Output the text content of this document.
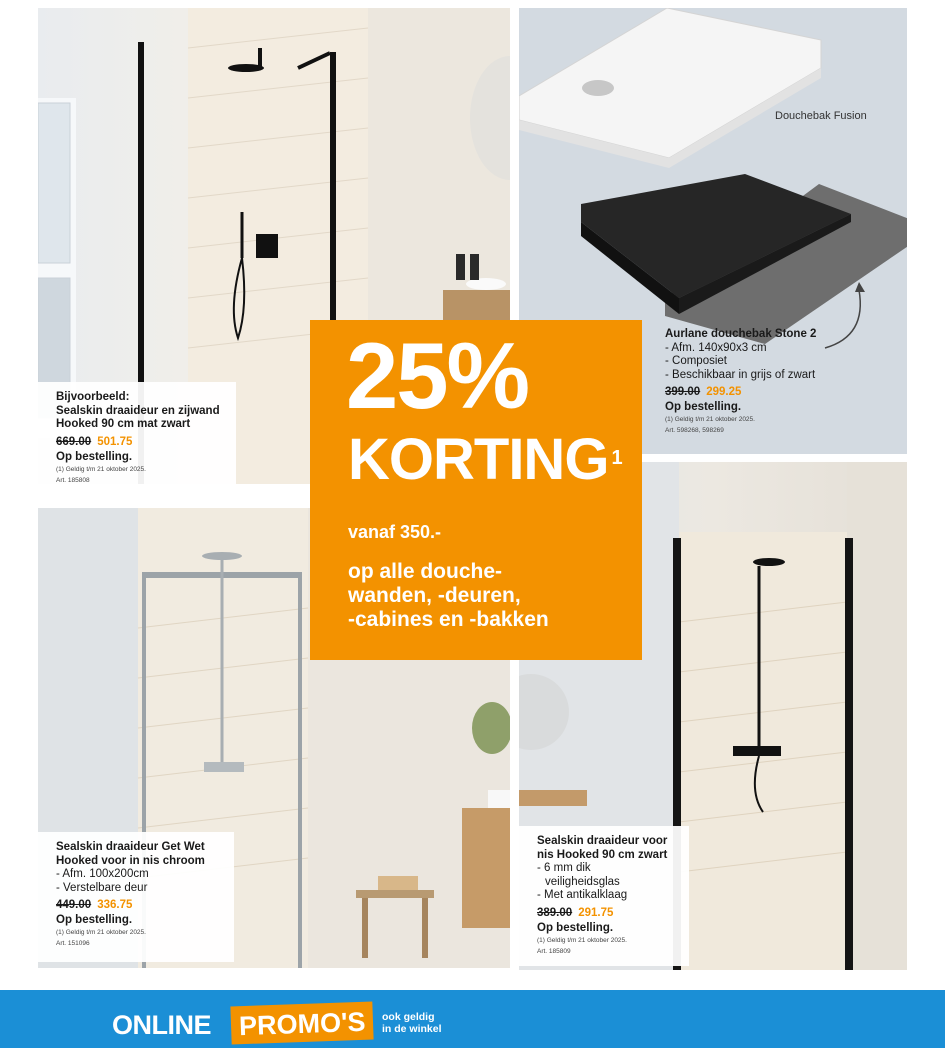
Bijvoorbeeld:
Sealskin draaideur en zijwand
Hooked 90 cm mat zwart
669.00 501.75
Op bestelling.
(1) Geldig t/m 21 oktober 2025.
Art. 185808
Douchebak Fusion
Aurlane douchebak Stone 2
- Afm. 140x90x3 cm
- Composiet
- Beschikbaar in grijs of zwart
399.00 299.25
Op bestelling.
(1) Geldig t/m 21 oktober 2025.
Art. 598268, 598269
Sealskin draaideur Get Wet
Hooked voor in nis chroom
- Afm. 100x200cm
- Verstelbare deur
449.00 336.75
Op bestelling.
(1) Geldig t/m 21 oktober 2025.
Art. 151096
Sealskin draaideur voor
nis Hooked 90 cm zwart
- 6 mm dik
veiligheidsglas
- Met antikalklaag
389.00 291.75
Op bestelling.
(1) Geldig t/m 21 oktober 2025.
Art. 185809
25%
KORTING $^1$
vanaf 350.-
op alle douche-
wanden, -deuren,
-cabines en -bakken
ONLINE	PROMO'S	ook geldig
in de winkel
